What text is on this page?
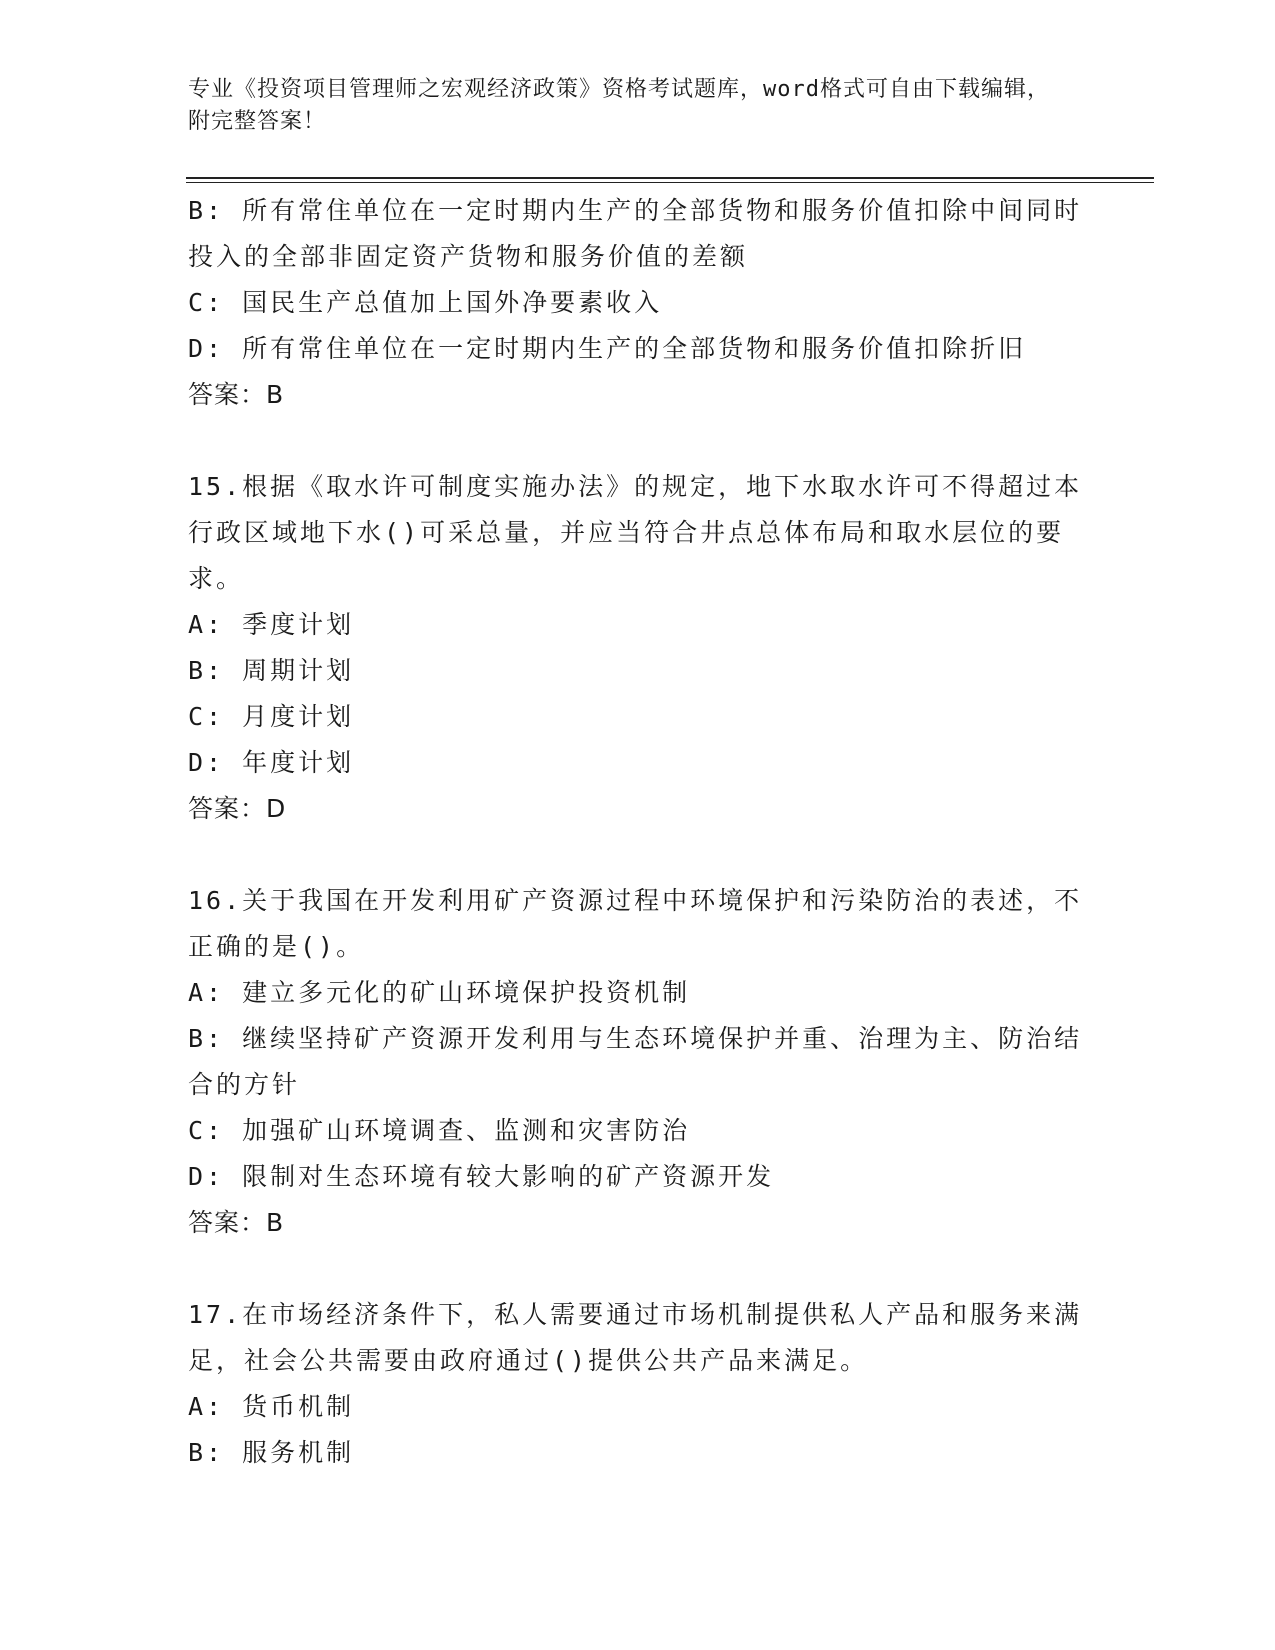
专业《投资项目管理师之宏观经济政策》资格考试题库，word格式可自由下载编辑，附完整答案！
B: 所有常住单位在一定时期内生产的全部货物和服务价值扣除中间同时投入的全部非固定资产货物和服务价值的差额
C: 国民生产总值加上国外净要素收入
D: 所有常住单位在一定时期内生产的全部货物和服务价值扣除折旧
答案：B
15.根据《取水许可制度实施办法》的规定，地下水取水许可不得超过本行政区域地下水()可采总量，并应当符合井点总体布局和取水层位的要求。
A: 季度计划
B: 周期计划
C: 月度计划
D: 年度计划
答案：D
16.关于我国在开发利用矿产资源过程中环境保护和污染防治的表述，不正确的是()。
A: 建立多元化的矿山环境保护投资机制
B: 继续坚持矿产资源开发利用与生态环境保护并重、治理为主、防治结合的方针
C: 加强矿山环境调查、监测和灾害防治
D: 限制对生态环境有较大影响的矿产资源开发
答案：B
17.在市场经济条件下，私人需要通过市场机制提供私人产品和服务来满足，社会公共需要由政府通过()提供公共产品来满足。
A: 货币机制
B: 服务机制
